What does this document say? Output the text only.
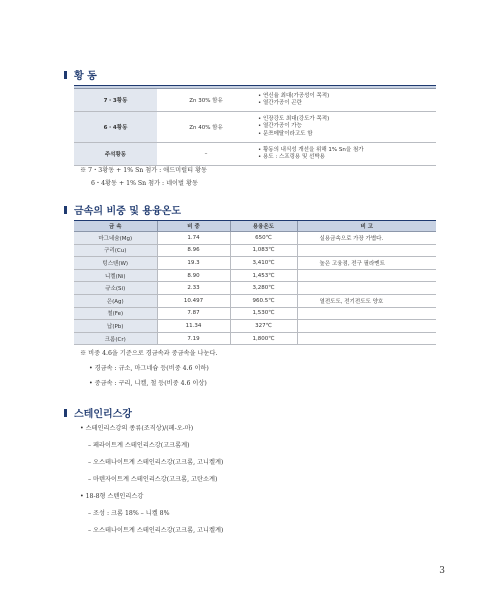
황 동

7・3황동	Zn 30% 함유	• 연신율 최대(가공성이 목적)
• 열간가공이 곤란

6・4황동	Zn 40% 함유	• 인장강도 최대(강도가 목적)
• 열간가공이 가능
• 문쯔메탈이라고도 함

주석황동	–	• 황동의 내식성 개선을 위해 1% Sn을 첨가
• 용도 : 스프링용 및 선박용
※ 7・3황동 + 1% Sn 첨가 : 애드미럴티 황동
6・4황동 + 1% Sn 첨가 : 네이벌 황동
금속의 비중 및 용융온도
금 속	비 중	용융온도	비 고
마그네슘(Mg)	1.74	650℃	실용금속으로 가장 가볍다.
구리(Cu)	8.96	1,083℃	
텅스텐(W)	19.3	3,410℃	높은 고융점, 전구 필라멘트
니켈(Ni)	8.90	1,453℃	
규소(Si)	2.33	3,280℃	
은(Ag)	10.497	960.5℃	열전도도, 전기전도도 양호
철(Fe)	7.87	1,530℃	
납(Pb)	11.34	327℃	
크롬(Cr)	7.19	1,800℃	
※ 비중 4.6을 기준으로 경금속과 중금속을 나눈다.
• 경금속 : 규소, 마그네슘 등(비중 4.6 이하)
• 중금속 : 구리, 니켈, 철 등(비중 4.6 이상)
스테인리스강
• 스테인리스강의 종류(조직상)/(페-오-마)
– 페라이트계 스테인리스강(고크롬계)
– 오스테나이트계 스테인리스강(고크롬, 고니켈계)
– 마텐자이트계 스테인리스강(고크롬, 고탄소계)
• 18-8형 스텐인리스강
– 조성 : 크롬 18% – 니켈 8%
– 오스테나이트계 스테인리스강(고크롬, 고니켈계)
3
